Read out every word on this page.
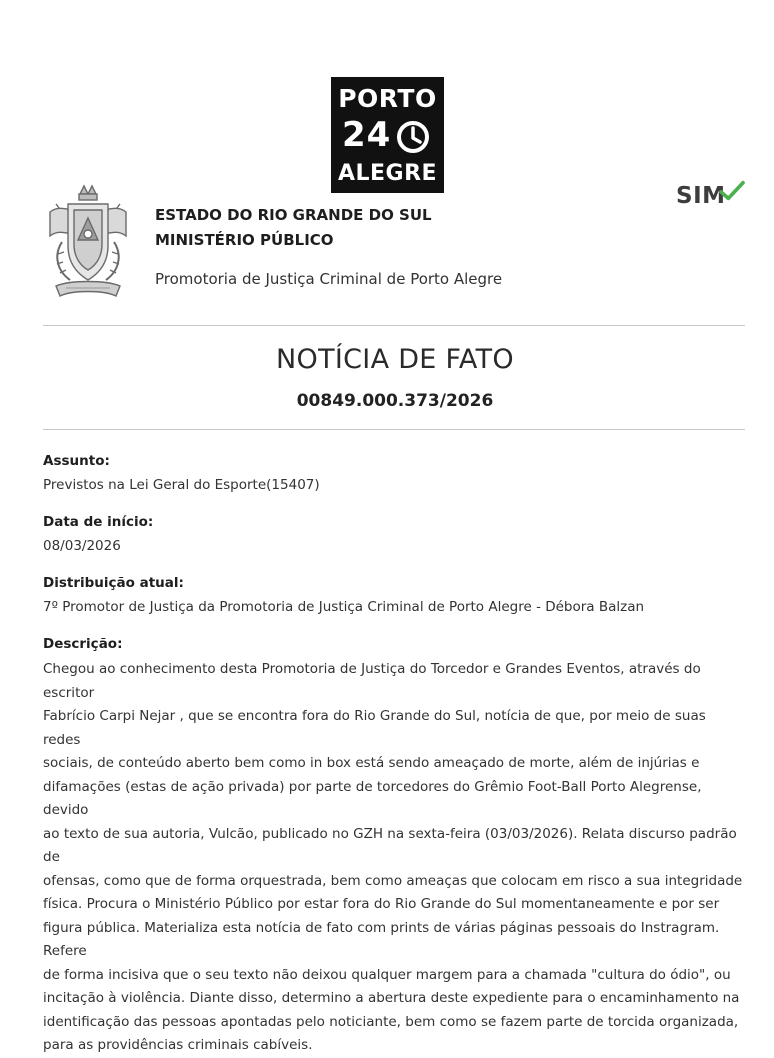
PORTO
24
ALEGRE
SIM
ESTADO DO RIO GRANDE DO SUL
MINISTÉRIO PÚBLICO
Promotoria de Justiça Criminal de Porto Alegre
NOTÍCIA DE FATO
00849.000.373/2026
Assunto:
Previstos na Lei Geral do Esporte(15407)
Data de início:
08/03/2026
Distribuição atual:
7º Promotor de Justiça da Promotoria de Justiça Criminal de Porto Alegre - Débora Balzan
Descrição:
Chegou ao conhecimento desta Promotoria de Justiça do Torcedor e Grandes Eventos, através do escritor
Fabrício Carpi Nejar , que se encontra fora do Rio Grande do Sul, notícia de que, por meio de suas redes
sociais, de conteúdo aberto bem como in box está sendo ameaçado de morte, além de injúrias e
difamações (estas de ação privada) por parte de torcedores do Grêmio Foot-Ball Porto Alegrense, devido
ao texto de sua autoria, Vulcão, publicado no GZH na sexta-feira (03/03/2026). Relata discurso padrão de
ofensas, como que de forma orquestrada, bem como ameaças que colocam em risco a sua integridade
física. Procura o Ministério Público por estar fora do Rio Grande do Sul momentaneamente e por ser
figura pública. Materializa esta notícia de fato com prints de várias páginas pessoais do Instragram. Refere
de forma incisiva que o seu texto não deixou qualquer margem para a chamada "cultura do ódio", ou
incitação à violência. Diante disso, determino a abertura deste expediente para o encaminhamento na
identificação das pessoas apontadas pelo noticiante, bem como se fazem parte de torcida organizada,
para as providências criminais cabíveis.
